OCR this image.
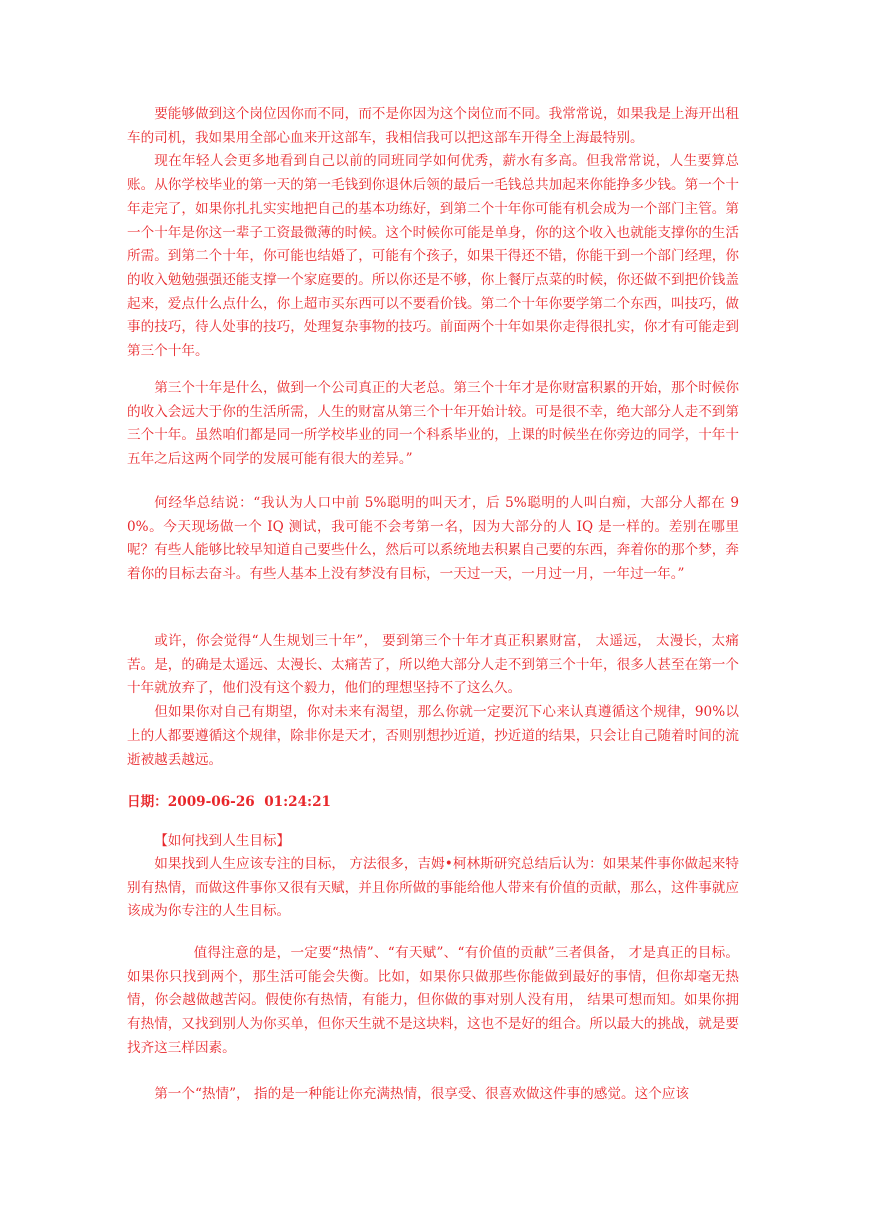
要能够做到这个岗位因你而不同，而不是你因为这个岗位而不同。我常常说，如果我是上海开出租车的司机，我如果用全部心血来开这部车，我相信我可以把这部车开得全上海最特别。

现在年轻人会更多地看到自己以前的同班同学如何优秀，薪水有多高。但我常常说，人生要算总账。从你学校毕业的第一天的第一毛钱到你退休后领的最后一毛钱总共加起来你能挣多少钱。第一个十年走完了，如果你扎扎实实地把自己的基本功练好，到第二个十年你可能有机会成为一个部门主管。第一个十年是你这一辈子工资最微薄的时候。这个时候你可能是单身，你的这个收入也就能支撑你的生活所需。到第二个十年，你可能也结婚了，可能有个孩子，如果干得还不错，你能干到一个部门经理，你的收入勉勉强强还能支撑一个家庭要的。所以你还是不够，你上餐厅点菜的时候，你还做不到把价钱盖起来，爱点什么点什么，你上超市买东西可以不要看价钱。第二个十年你要学第二个东西，叫技巧，做事的技巧，待人处事的技巧，处理复杂事物的技巧。前面两个十年如果你走得很扎实，你才有可能走到第三个十年。

第三个十年是什么，做到一个公司真正的大老总。第三个十年才是你财富积累的开始，那个时候你的收入会远大于你的生活所需，人生的财富从第三个十年开始计较。可是很不幸，绝大部分人走不到第三个十年。虽然咱们都是同一所学校毕业的同一个科系毕业的，上课的时候坐在你旁边的同学，十年十五年之后这两个同学的发展可能有很大的差异。”

何经华总结说：“我认为人口中前 5%聪明的叫天才，后 5%聪明的人叫白痴，大部分人都在 90%。今天现场做一个 IQ 测试，我可能不会考第一名，因为大部分的人 IQ 是一样的。差别在哪里呢？有些人能够比较早知道自己要些什么，然后可以系统地去积累自己要的东西，奔着你的那个梦，奔着你的目标去奋斗。有些人基本上没有梦没有目标，一天过一天，一月过一月，一年过一年。”

或许，你会觉得“人生规划三十年”， 要到第三个十年才真正积累财富， 太遥远， 太漫长，太痛苦。是，的确是太遥远、太漫长、太痛苦了，所以绝大部分人走不到第三个十年，很多人甚至在第一个十年就放弃了，他们没有这个毅力，他们的理想坚持不了这么久。

但如果你对自己有期望，你对未来有渴望，那么你就一定要沉下心来认真遵循这个规律，90%以上的人都要遵循这个规律，除非你是天才，否则别想抄近道，抄近道的结果，只会让自己随着时间的流逝被越丢越远。

日期：2009-06-26  01:24:21
【如何找到人生目标】

如果找到人生应该专注的目标， 方法很多，吉姆•柯林斯研究总结后认为：如果某件事你做起来特别有热情，而做这件事你又很有天赋，并且你所做的事能给他人带来有价值的贡献，那么，这件事就应该成为你专注的人生目标。

值得注意的是，一定要“热情”、“有天赋”、“有价值的贡献”三者俱备， 才是真正的目标。如果你只找到两个，那生活可能会失衡。比如，如果你只做那些你能做到最好的事情，但你却毫无热情，你会越做越苦闷。假使你有热情，有能力，但你做的事对别人没有用， 结果可想而知。如果你拥有热情，又找到别人为你买单，但你天生就不是这块料，这也不是好的组合。所以最大的挑战，就是要找齐这三样因素。

第一个“热情”， 指的是一种能让你充满热情，很享受、很喜欢做这件事的感觉。这个应该
